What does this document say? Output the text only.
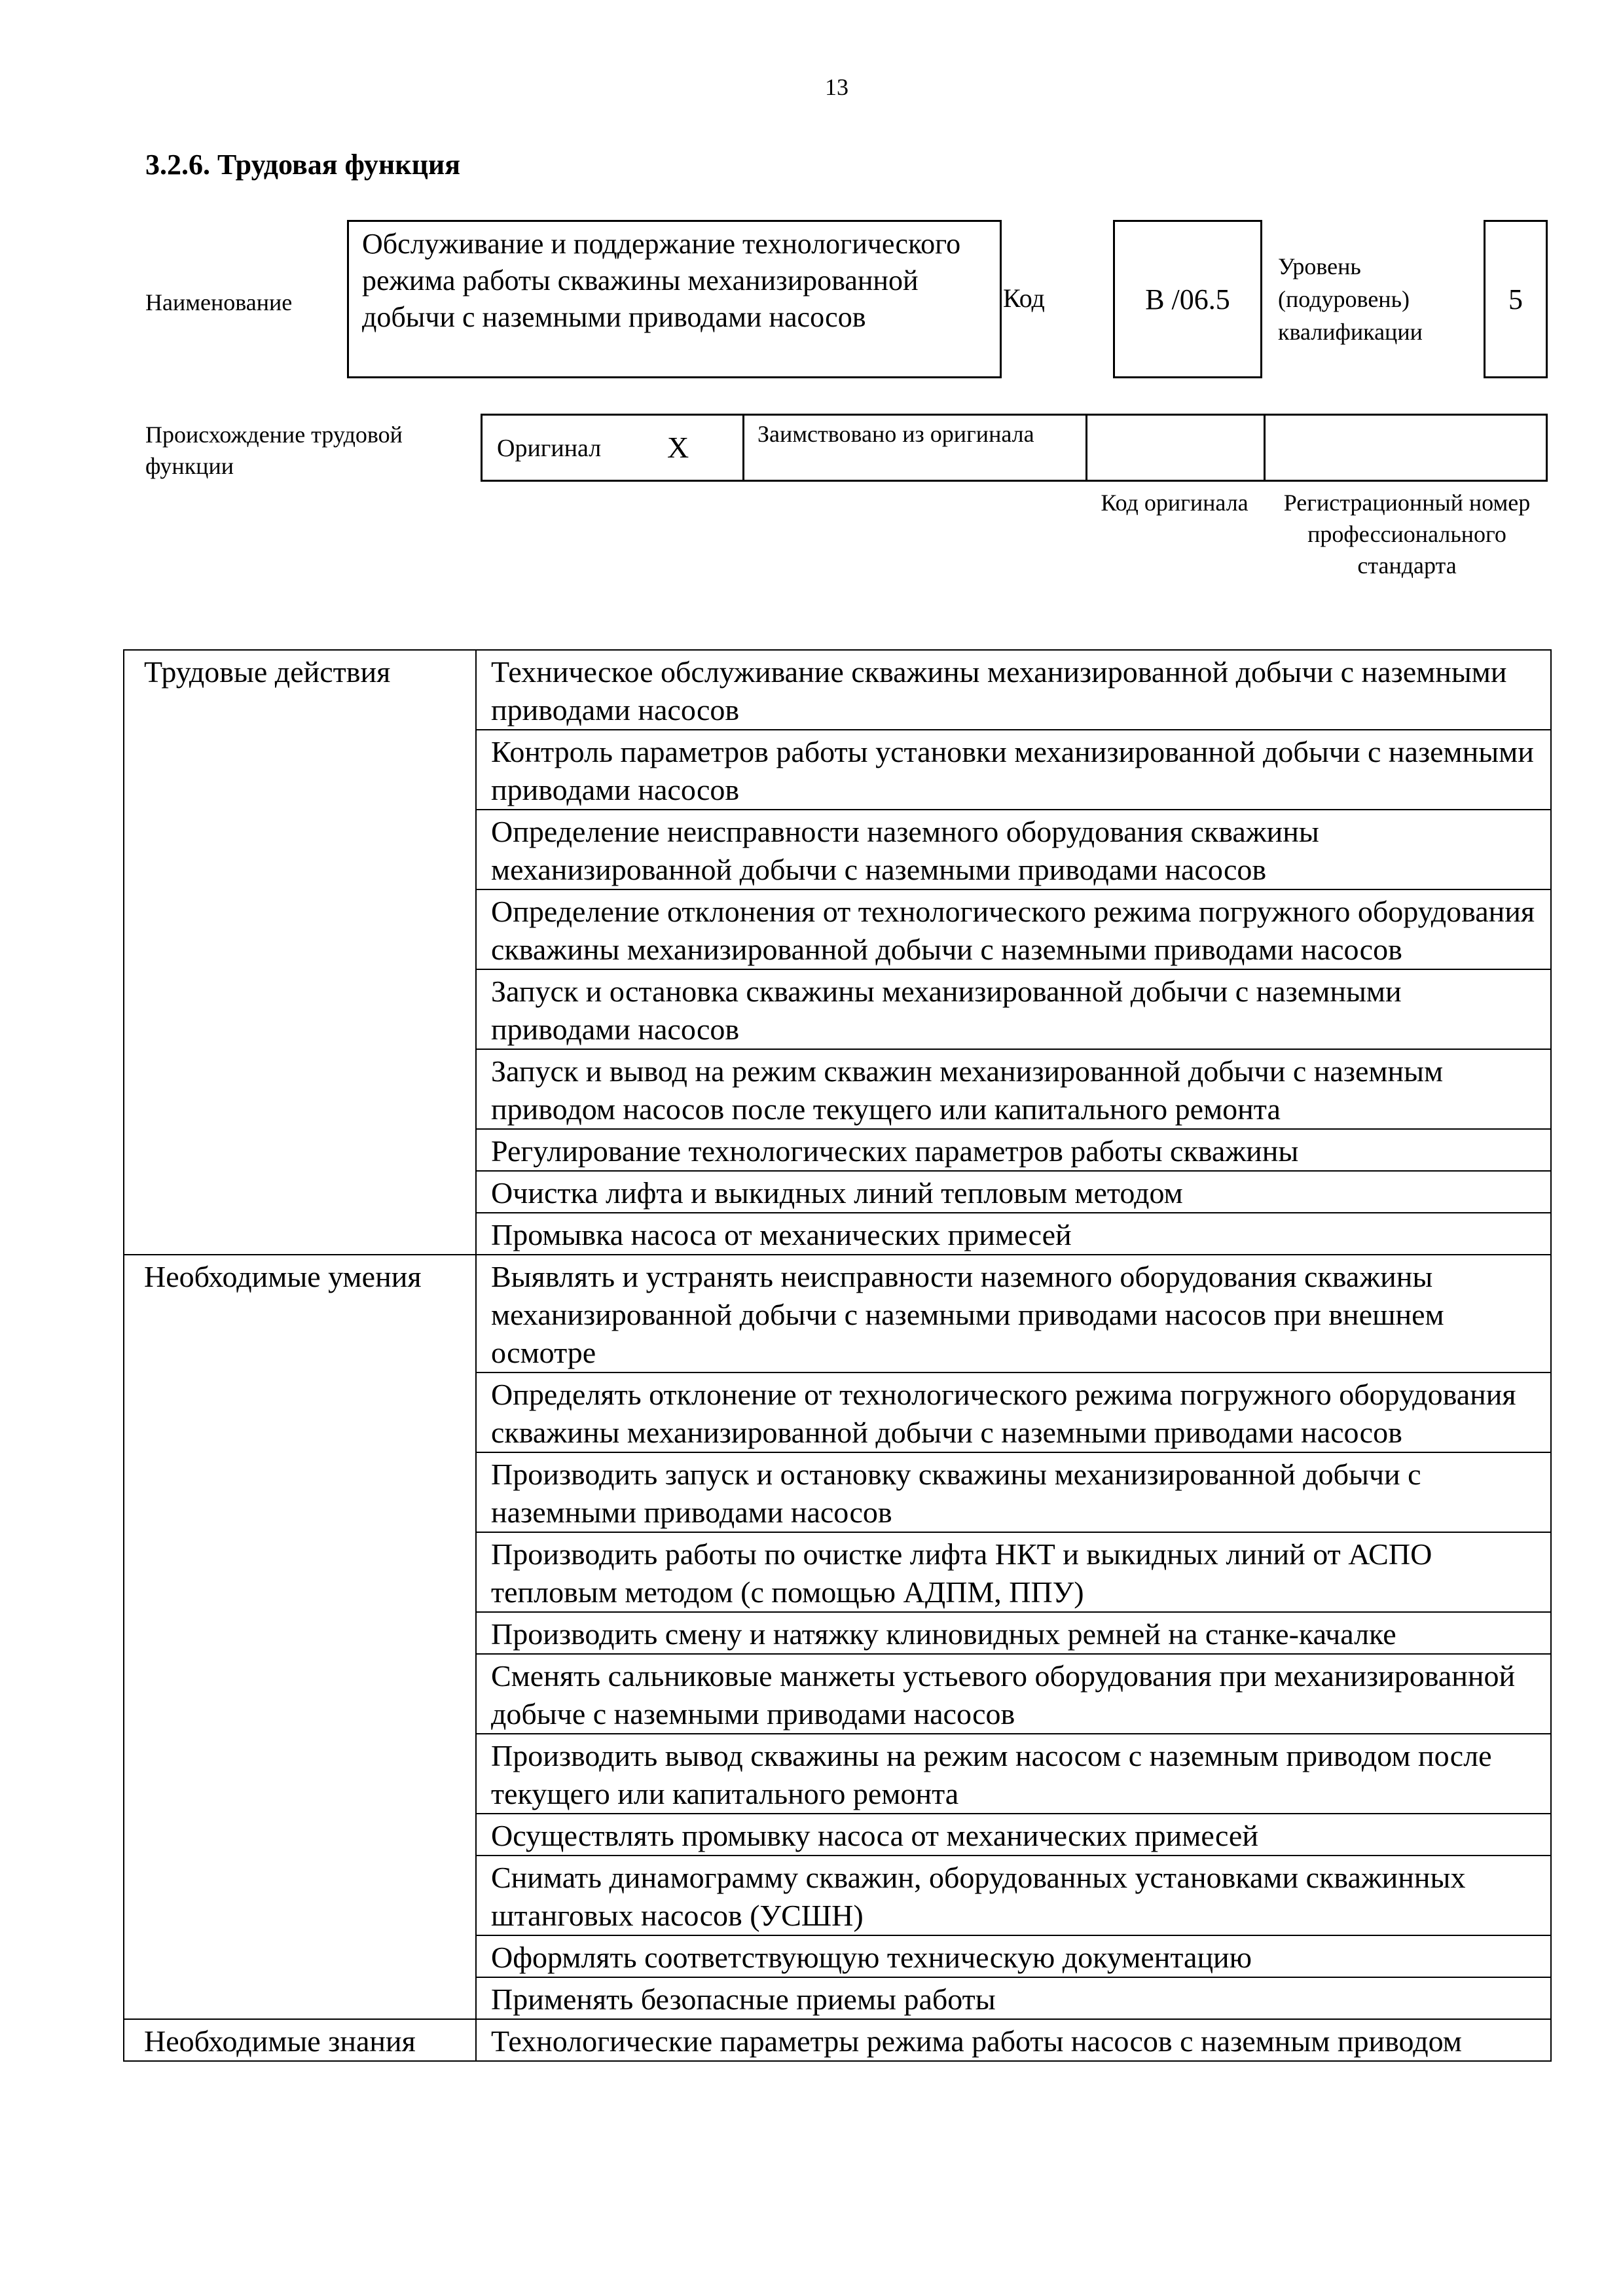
13
3.2.6. Трудовая функция
Наименование
Обслуживание и поддержание технологического режима работы скважины механизированной добычи с наземными приводами насосов
Код	В /06.5
Уровень
(подуровень)
квалификации
5
Происхождение трудовой функции
Оригинал X	Заимствовано из оригинала
Код оригинала	Регистрационный номер профессионального стандарта
Трудовые действия	Техническое обслуживание скважины механизированной добычи с наземными приводами насосов
	Контроль параметров работы установки механизированной добычи с наземными приводами насосов
	Определение неисправности наземного оборудования скважины механизированной добычи с наземными приводами насосов
	Определение отклонения от технологического режима погружного оборудования скважины механизированной добычи с наземными приводами насосов
	Запуск и остановка скважины механизированной добычи с наземными приводами насосов
	Запуск и вывод на режим скважин механизированной добычи с наземным приводом насосов после текущего или капитального ремонта
	Регулирование технологических параметров работы скважины
	Очистка лифта и выкидных линий тепловым методом
	Промывка насоса от механических примесей
Необходимые умения	Выявлять и устранять неисправности наземного оборудования скважины механизированной добычи с наземными приводами насосов при внешнем осмотре
	Определять отклонение от технологического режима погружного оборудования скважины механизированной добычи с наземными приводами насосов
	Производить запуск и остановку скважины механизированной добычи с наземными приводами насосов
	Производить работы по очистке лифта НКТ и выкидных линий от АСПО тепловым методом (с помощью АДПМ, ППУ)
	Производить смену и натяжку клиновидных ремней на станке-качалке
	Сменять сальниковые манжеты устьевого оборудования при механизированной добыче с наземными приводами насосов
	Производить вывод скважины на режим насосом с наземным приводом после текущего или капитального ремонта
	Осуществлять промывку насоса от механических примесей
	Снимать динамограмму скважин, оборудованных установками скважинных штанговых насосов (УСШН)
	Оформлять соответствующую техническую документацию
	Применять безопасные приемы работы
Необходимые знания	Технологические параметры режима работы насосов с наземным приводом
